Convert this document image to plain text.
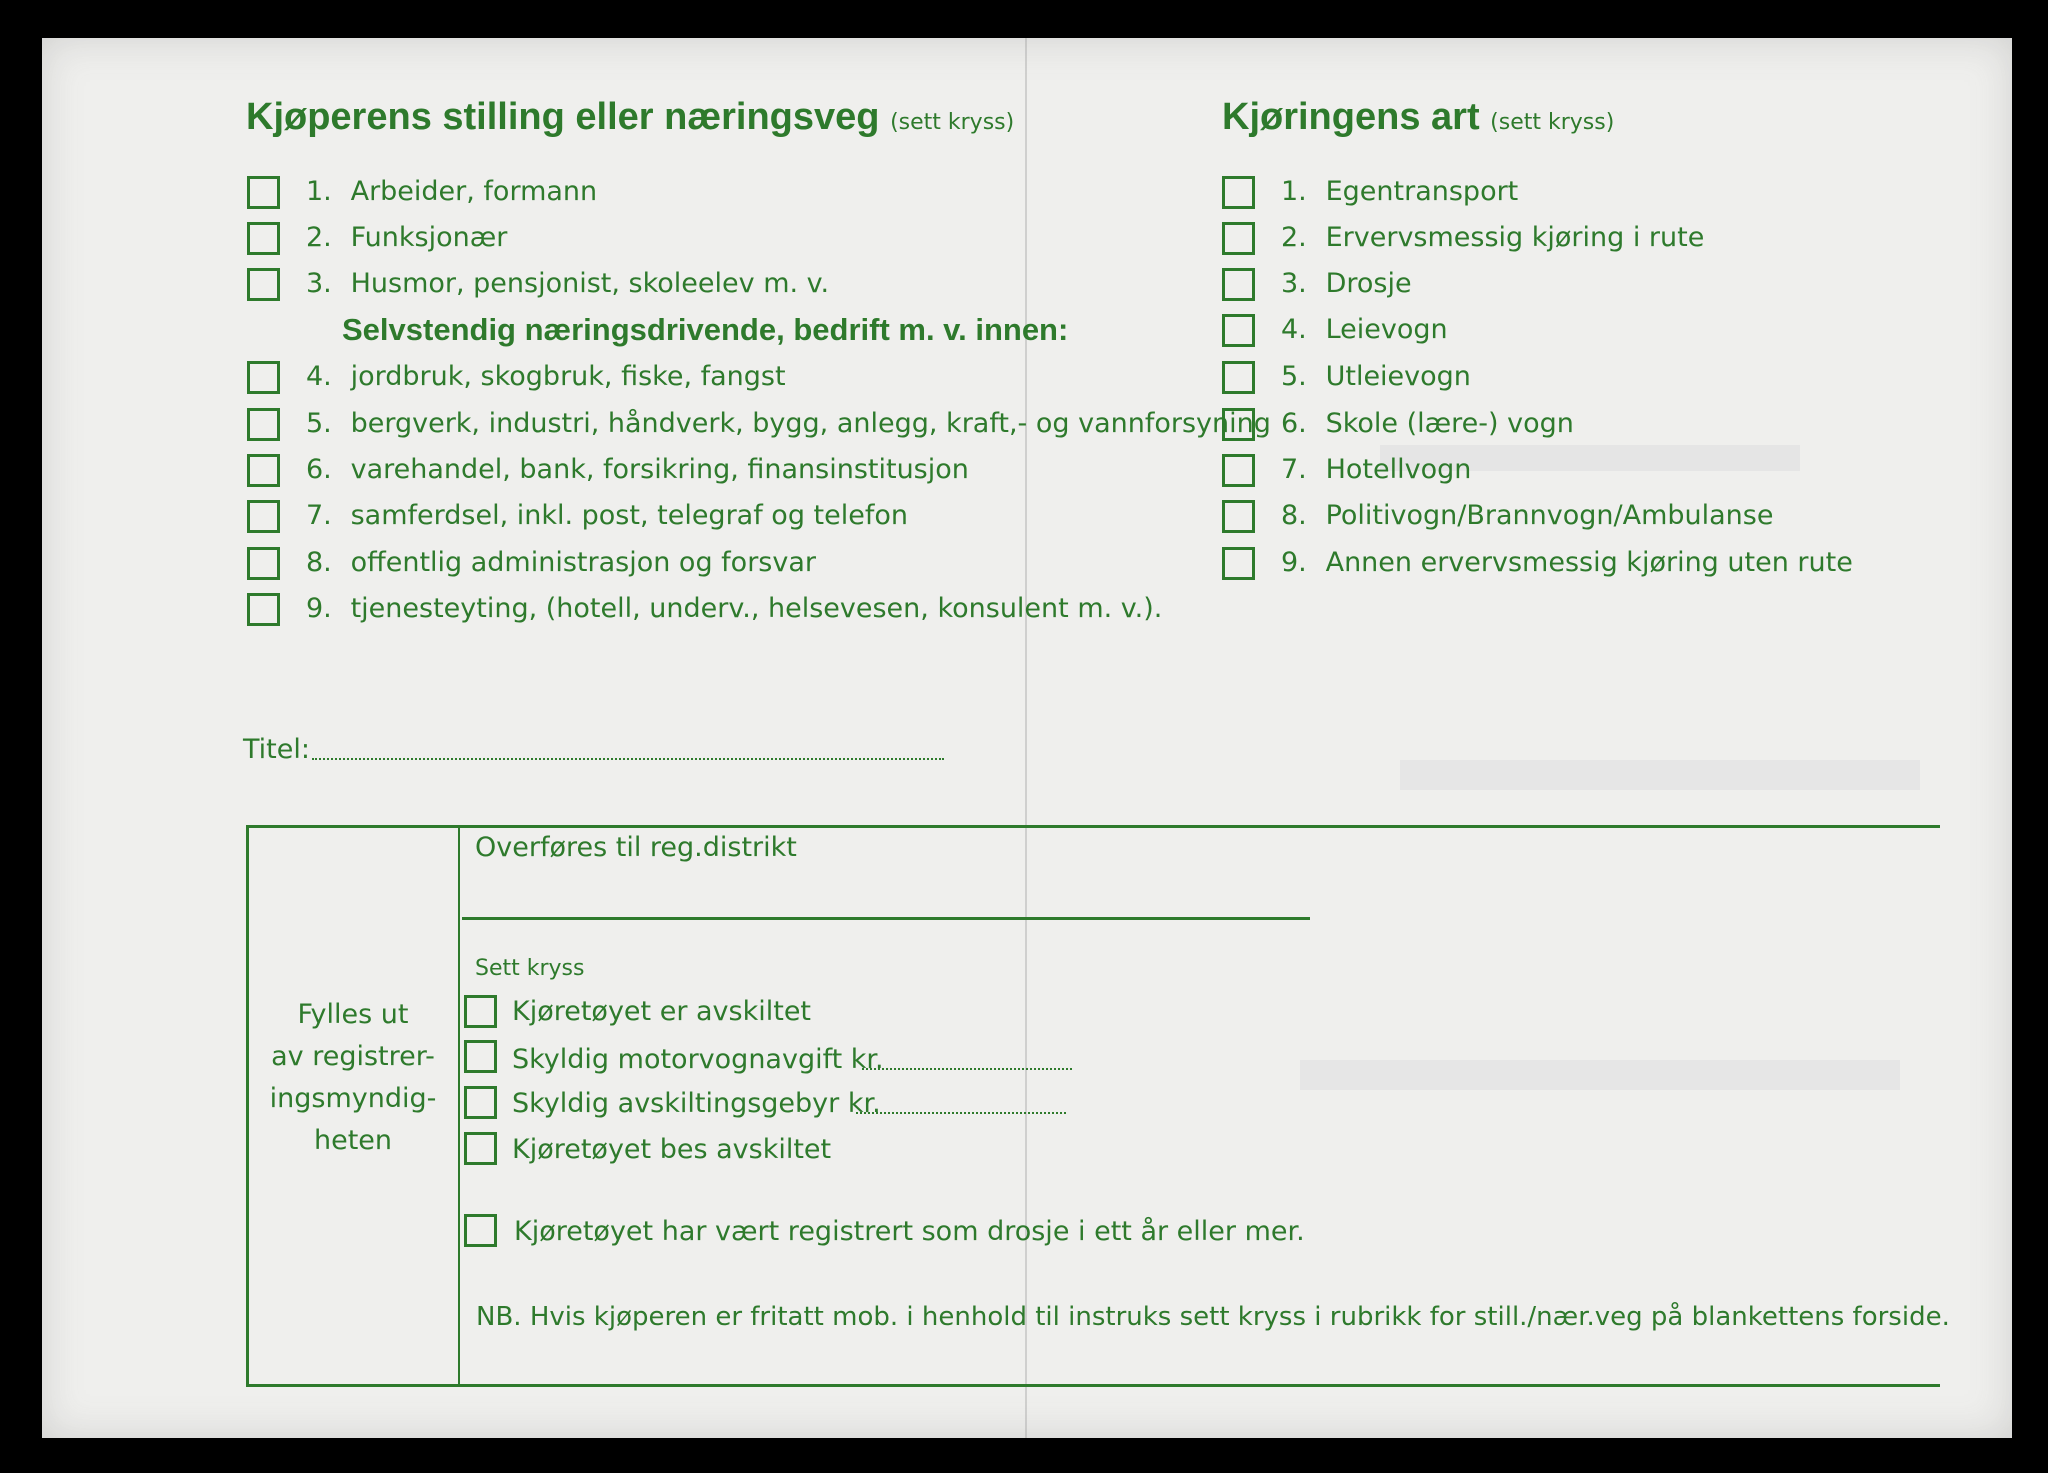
Kjøperens stilling eller næringsveg (sett kryss)	Kjøringens art (sett kryss)
1. Arbeider, formann
2. Funksjonær
3. Husmor, pensjonist, skoleelev m. v.
Selvstendig næringsdrivende, bedrift m. v. innen:
4. jordbruk, skogbruk, fiske, fangst
5. bergverk, industri, håndverk, bygg, anlegg, kraft,- og vannforsyning
6. varehandel, bank, forsikring, finansinstitusjon
7. samferdsel, inkl. post, telegraf og telefon
8. offentlig administrasjon og forsvar
9. tjenesteyting, (hotell, underv., helsevesen, konsulent m. v.).
1. Egentransport
2. Ervervsmessig kjøring i rute
3. Drosje
4. Leievogn
5. Utleievogn
6. Skole (lære-) vogn
7. Hotellvogn
8. Politivogn/Brannvogn/Ambulanse
9. Annen ervervsmessig kjøring uten rute
Titel:
Fylles ut
av registrer-
ingsmyndig-
heten
Overføres til reg.distrikt
Sett kryss
Kjøretøyet er avskiltet
Skyldig motorvognavgift kr.
Skyldig avskiltingsgebyr kr.
Kjøretøyet bes avskiltet
Kjøretøyet har vært registrert som drosje i ett år eller mer.
NB. Hvis kjøperen er fritatt mob. i henhold til instruks sett kryss i rubrikk for still./nær.veg på blankettens forside.
